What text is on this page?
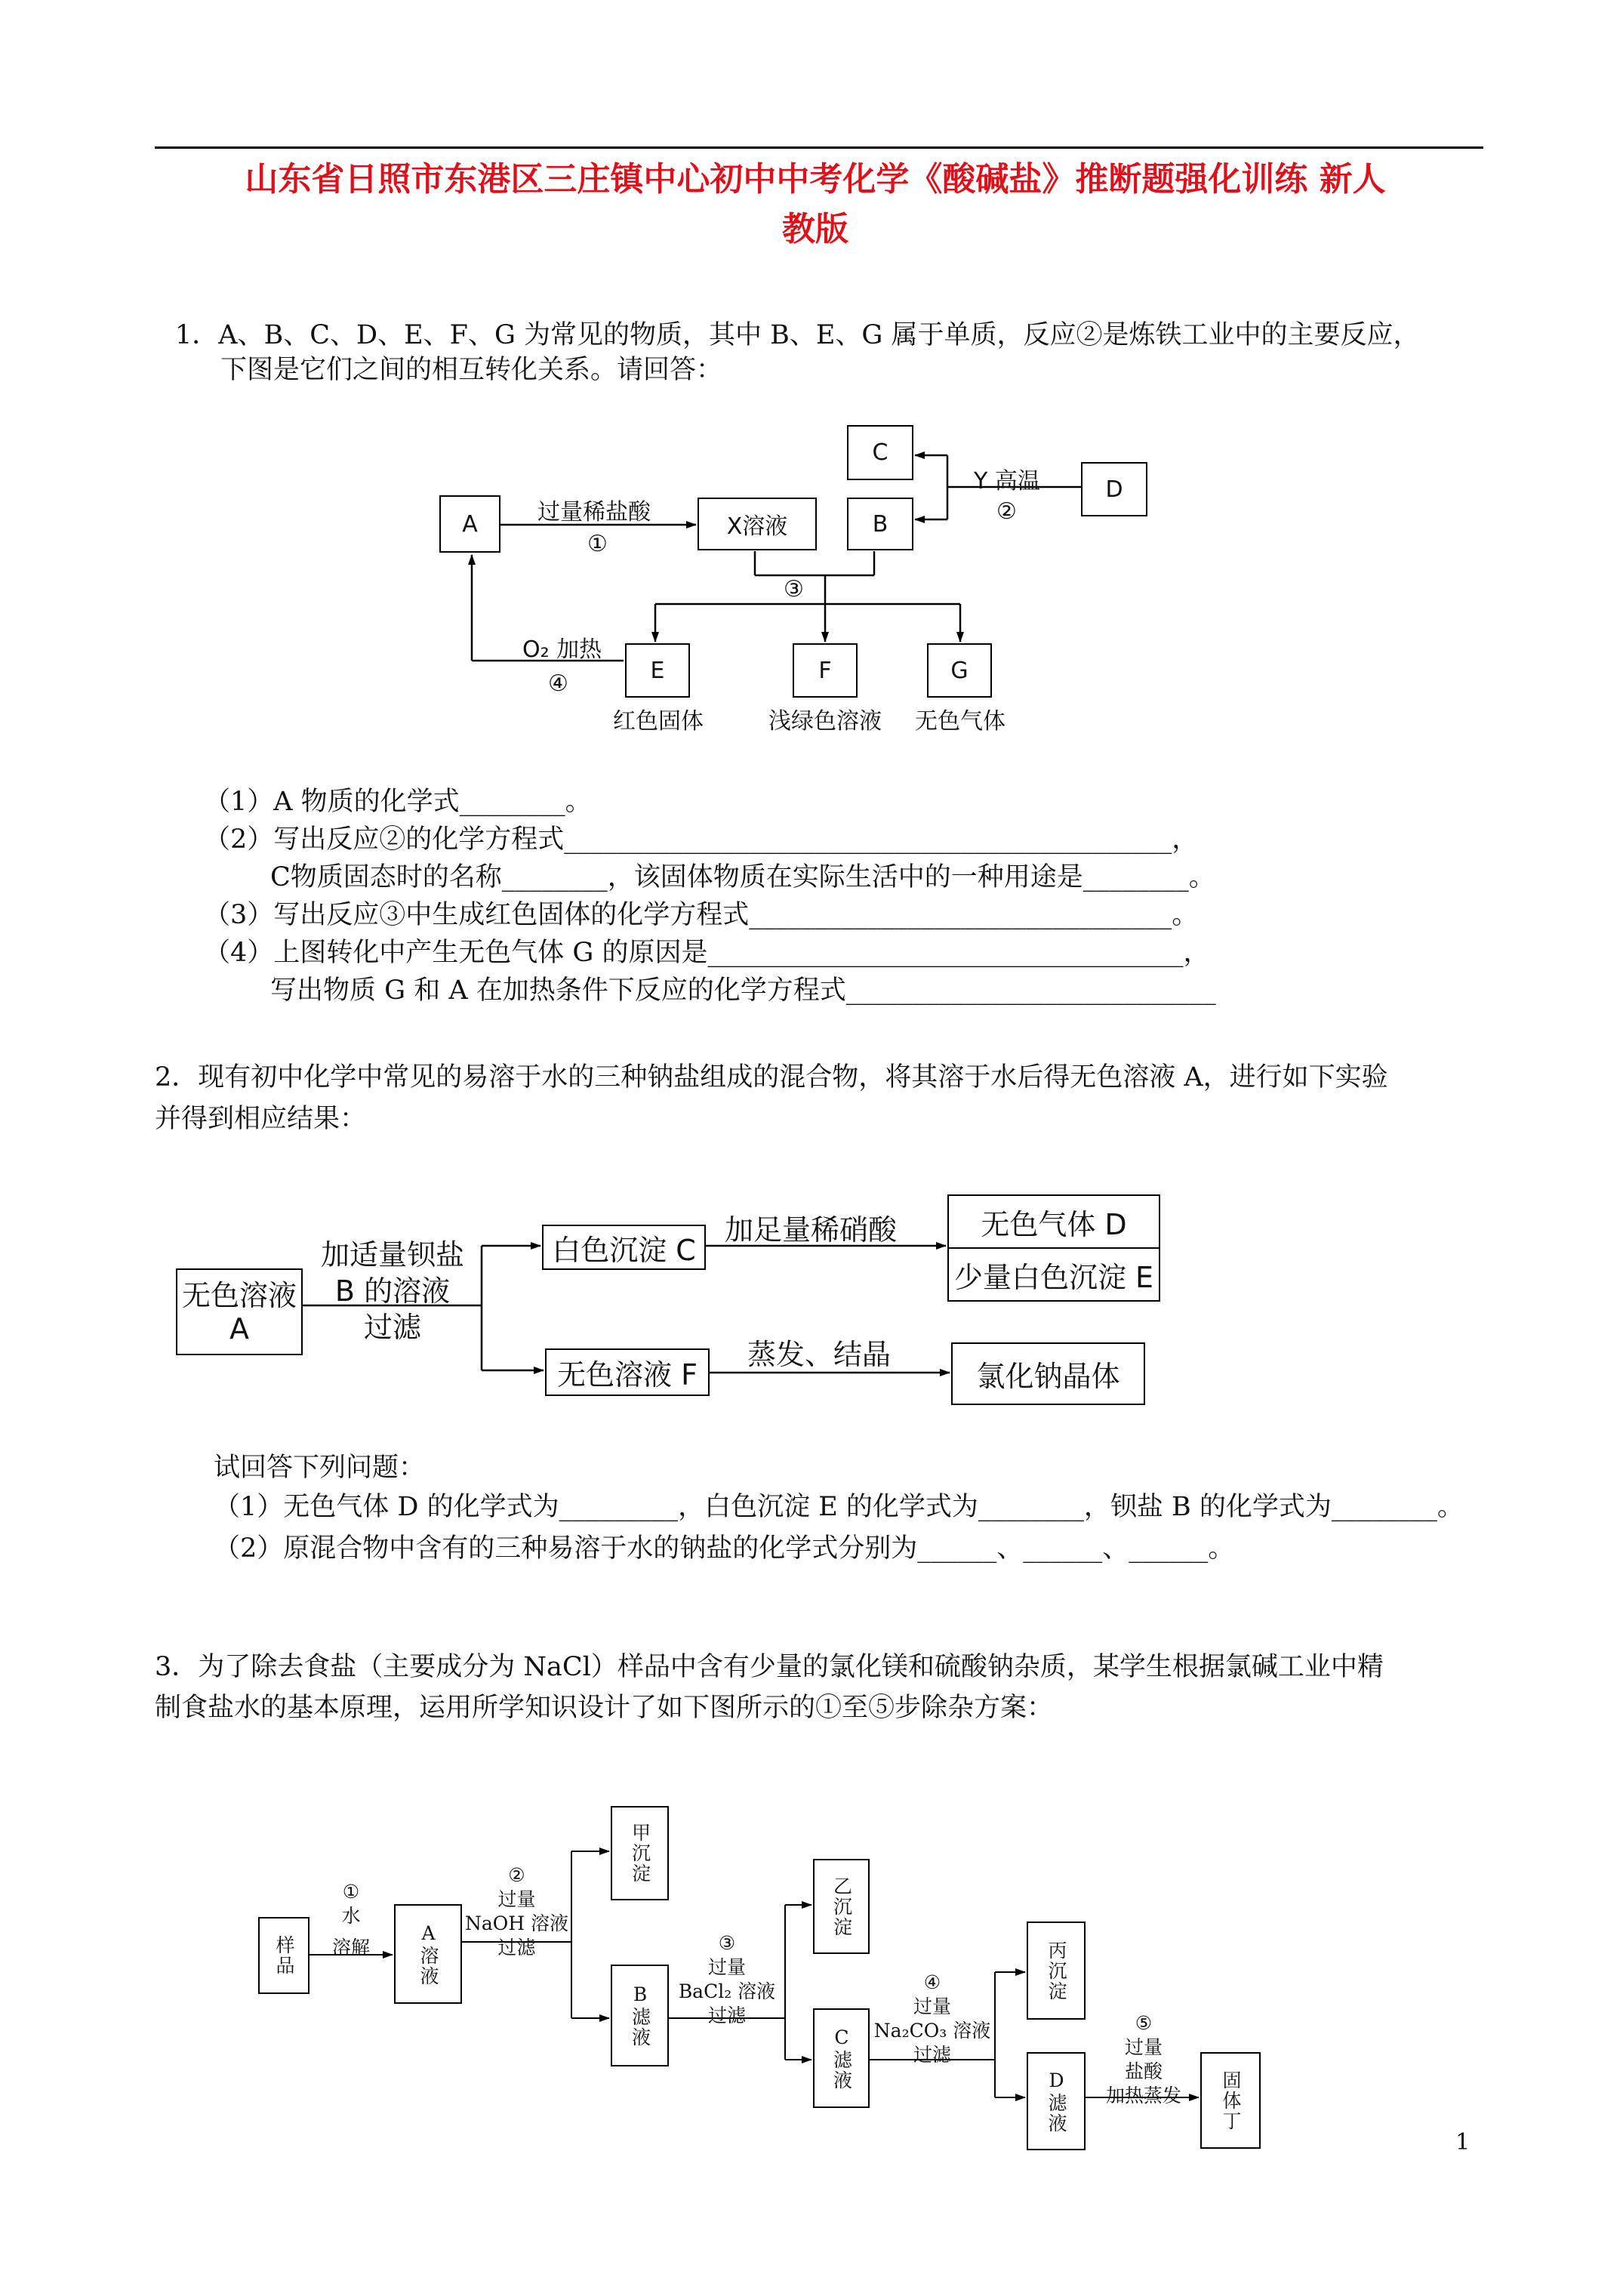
山东省日照市东港区三庄镇中心初中中考化学《酸碱盐》推断题强化训练 新人
教版
1．A、B、C、D、E、F、G 为常见的物质，其中 B、E、G 属于单质，反应②是炼铁工业中的主要反应，
下图是它们之间的相互转化关系。请回答：
A	X溶液	B
C
D
E	F	G
过量稀盐酸
①
Y 高温
②
③
O₂ 加热
④
红色固体	浅绿色溶液 无色气体
（1）A 物质的化学式________。
（2）写出反应②的化学方程式______________________________________________，
C物质固态时的名称________，该固体物质在实际生活中的一种用途是________。
（3）写出反应③中生成红色固体的化学方程式________________________________。
（4）上图转化中产生无色气体 G 的原因是____________________________________，
写出物质 G 和 A 在加热条件下反应的化学方程式____________________________
2．现有初中化学中常见的易溶于水的三种钠盐组成的混合物，将其溶于水后得无色溶液 A，进行如下实验
并得到相应结果：
无色溶液
A
加适量钡盐
B 的溶液
过滤
白色沉淀 C
加足量稀硝酸	无色气体 D
少量白色沉淀 E
无色溶液 F
蒸发、结晶
氯化钠晶体
试回答下列问题：
（1）无色气体 D 的化学式为_________，白色沉淀 E 的化学式为________，钡盐 B 的化学式为________。
（2）原混合物中含有的三种易溶于水的钠盐的化学式分别为______、______、______。
3．为了除去食盐（主要成分为 NaCl）样品中含有少量的氯化镁和硫酸钠杂质，某学生根据氯碱工业中精
制食盐水的基本原理，运用所学知识设计了如下图所示的①至⑤步除杂方案：
样品
①
水
溶解	A溶液
②
过量
NaOH 溶液
过滤
甲沉淀
B滤液
③
过量
BaCl₂ 溶液
过滤
乙沉淀
C滤液
④
过量
Na₂CO₃ 溶液
过滤
丙沉淀
D滤液
⑤
过量
盐酸
加热蒸发	固体丁
1
